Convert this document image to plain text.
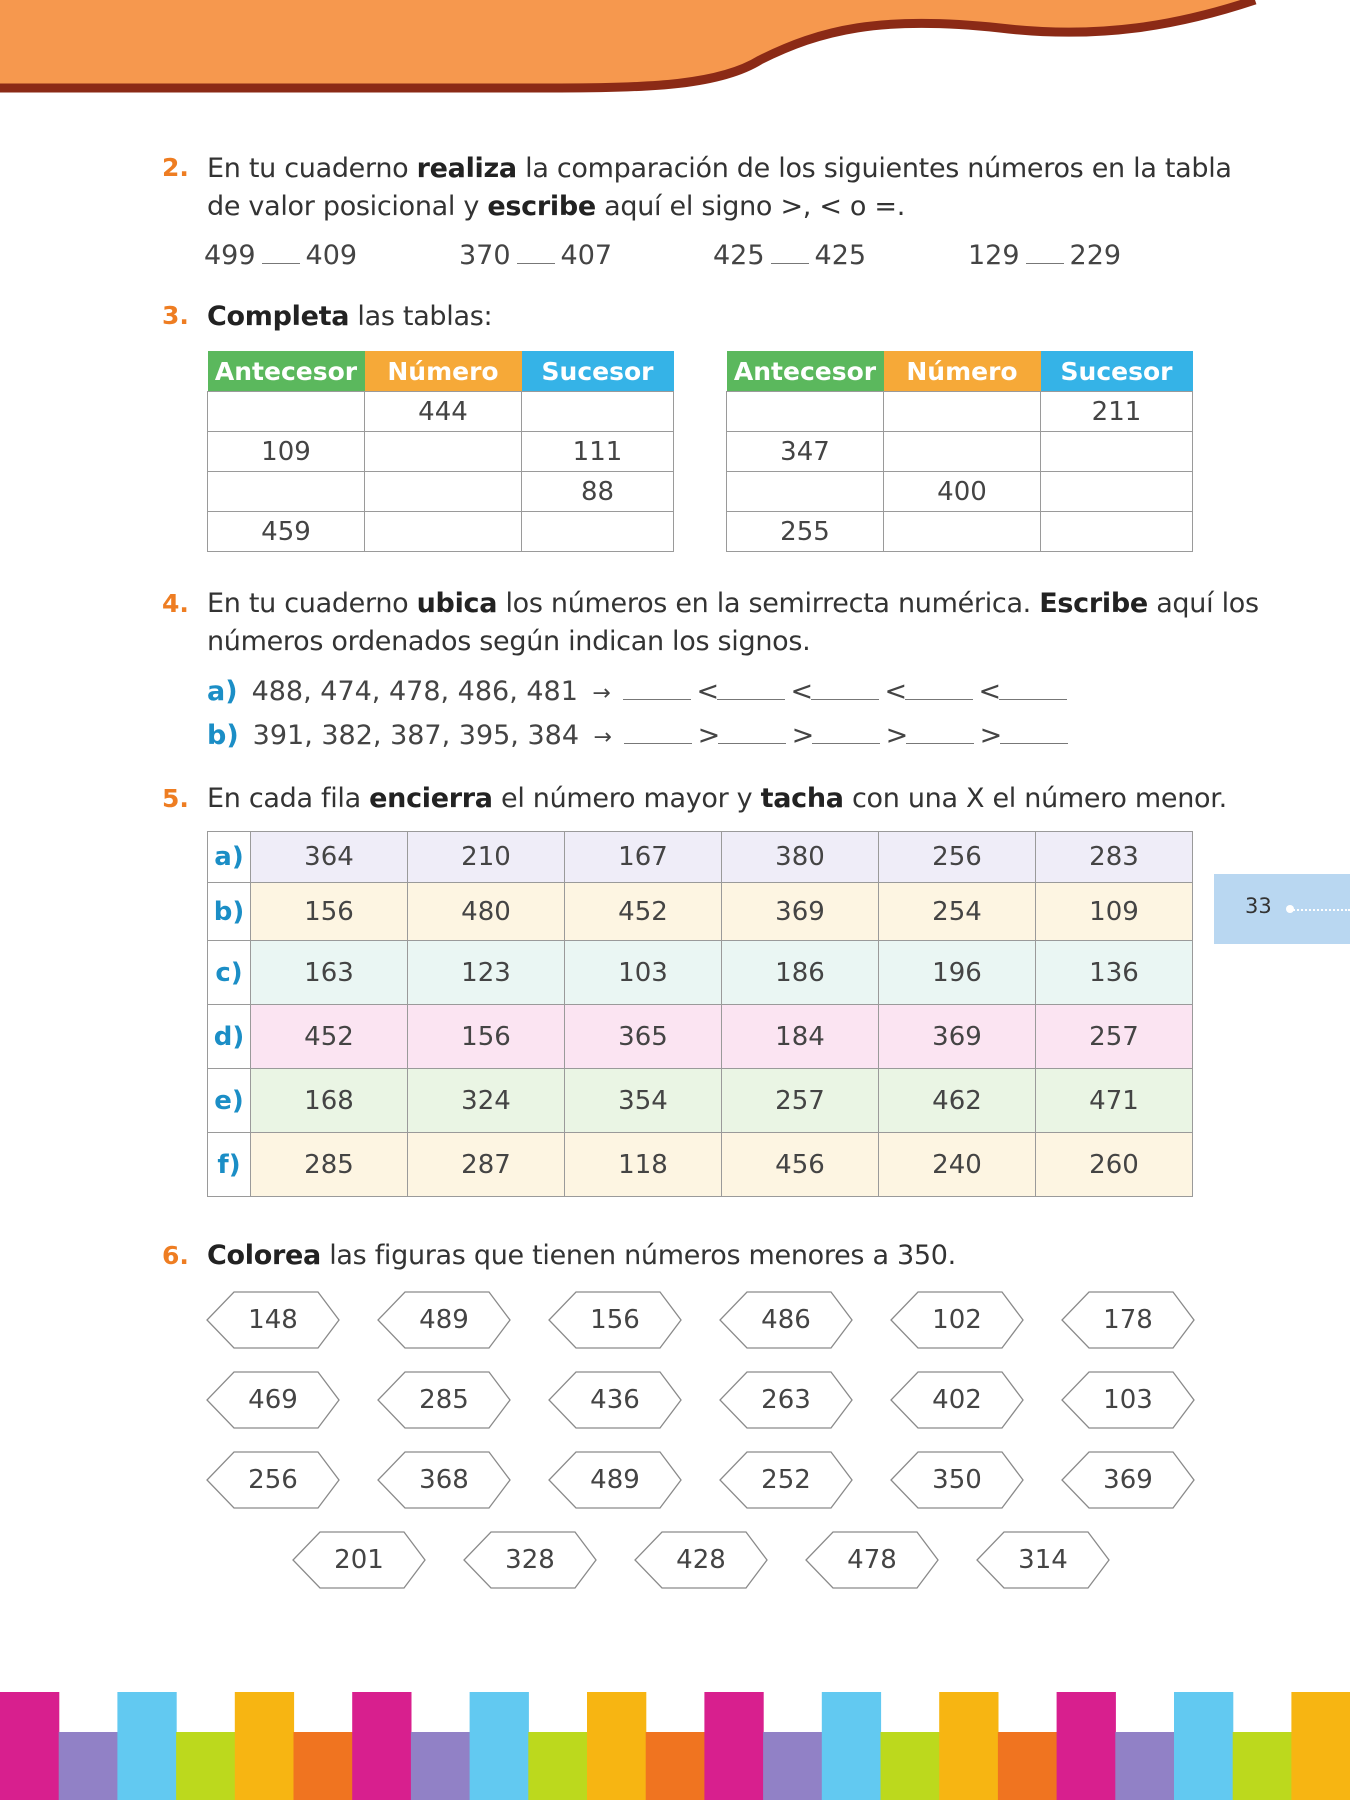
2. En tu cuaderno realiza la comparación de los siguientes números en la tabla
de valor posicional y escribe aquí el signo >, < o =.
499 409	370 407	425 425	129 229
3. Completa las tablas:
Antecesor	Número	Sucesor
	444	
109		111
		88
459		
Antecesor	Número	Sucesor
		211
347		
	400	
255		
4. En tu cuaderno ubica los números en la semirrecta numérica. Escribe aquí los
números ordenados según indican los signos.
a) 488, 474, 478, 486, 481 →	<	<	<	<
b) 391, 382, 387, 395, 384 →	>	>	>	>
5. En cada fila encierra el número mayor y tacha con una X el número menor.
a)	364	210	167	380	256	283
b)	156	480	452	369	254	109
c)	163	123	103	186	196	136
d)	452	156	365	184	369	257
e)	168	324	354	257	462	471
f)	285	287	118	456	240	260
33
6. Colorea las figuras que tienen números menores a 350.
148	489	156	486	102	178
469	285	436	263	402	103
256	368	489	252	350	369
201	328	428	478	314
